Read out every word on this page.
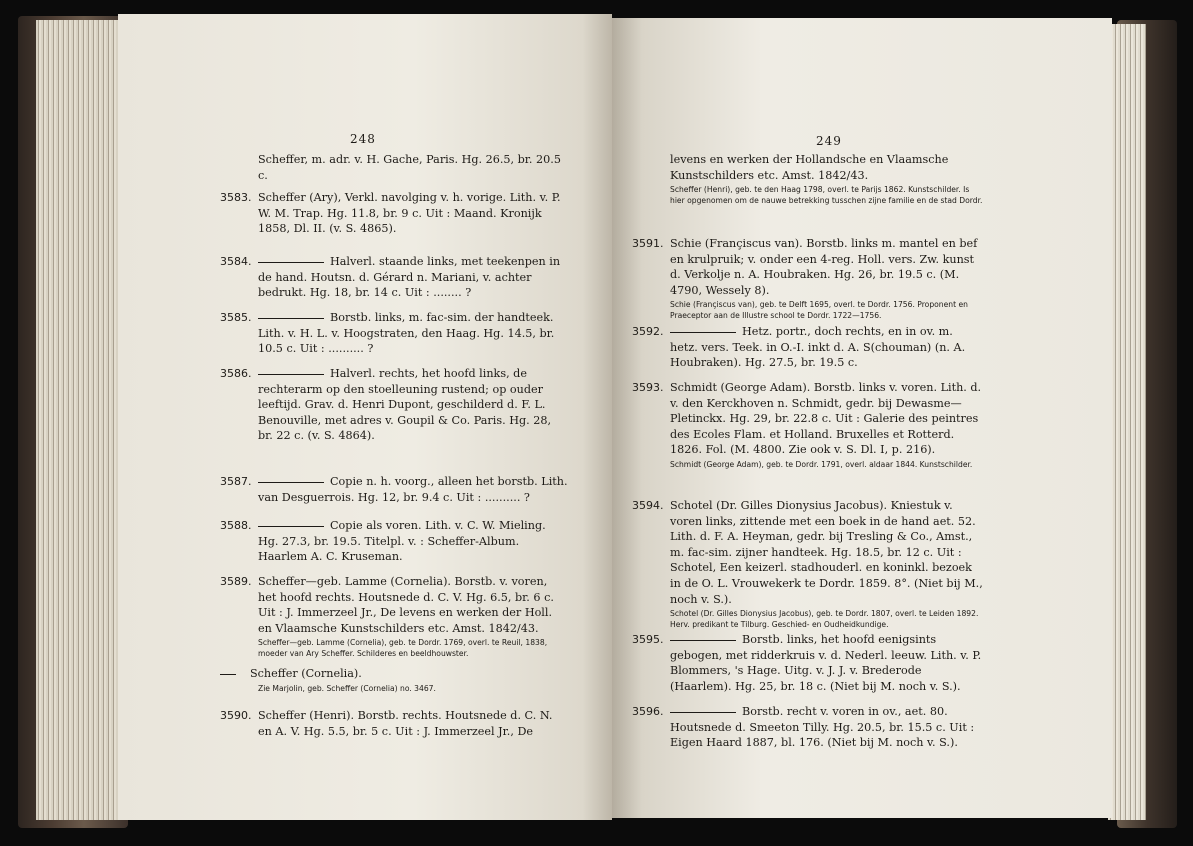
248
Scheffer, m. adr. v. H. Gache, Paris. Hg. 26.5, br. 20.5 c.
3583. Scheffer (Ary), Verkl. navolging v. h. vorige. Lith. v. P. W. M. Trap. Hg. 11.8, br. 9 c. Uit : Maand. Kronijk 1858, Dl. II. (v. S. 4865).
3584.	Halverl. staande links, met teekenpen in de hand. Houtsn. d. Gérard n. Mariani, v. achter bedrukt. Hg. 18, br. 14 c. Uit : ........ ?
3585.	Borstb. links, m. fac-sim. der handteek. Lith. v. H. L. v. Hoogstraten, den Haag. Hg. 14.5, br. 10.5 c. Uit : .......... ?
3586.	Halverl. rechts, het hoofd links, de rechterarm op den stoelleuning rustend; op ouder leeftijd. Grav. d. Henri Dupont, geschilderd d. F. L. Benouville, met adres v. Goupil & Co. Paris. Hg. 28, br. 22 c. (v. S. 4864).
3587.	Copie n. h. voorg., alleen het borstb. Lith. van Desguerrois. Hg. 12, br. 9.4 c. Uit : .......... ?
3588.	Copie als voren. Lith. v. C. W. Mieling. Hg. 27.3, br. 19.5. Titelpl. v. : Scheffer-Album. Haarlem A. C. Kruseman.
3589. Scheffer—geb. Lamme (Cornelia). Borstb. v. voren, het hoofd rechts. Houtsnede d. C. V. Hg. 6.5, br. 6 c. Uit : J. Immerzeel Jr., De levens en werken der Holl. en Vlaamsche Kunstschilders etc. Amst. 1842/43.
Scheffer—geb. Lamme (Cornelia), geb. te Dordr. 1769, overl. te Reuil, 1838, moeder van Ary Scheffer. Schilderes en beeldhouwster.
Scheffer (Cornelia).
Zie Marjolin, geb. Scheffer (Cornelia) no. 3467.
3590. Scheffer (Henri). Borstb. rechts. Houtsnede d. C. N. en A. V. Hg. 5.5, br. 5 c. Uit : J. Immerzeel Jr., De
249
levens en werken der Hollandsche en Vlaamsche Kunstschilders etc. Amst. 1842/43.
Scheffer (Henri), geb. te den Haag 1798, overl. te Parijs 1862. Kunstschilder. Is hier opgenomen om de nauwe betrekking tusschen zijne familie en de stad Dordr.
3591. Schie (Françiscus van). Borstb. links m. mantel en bef en krulpruik; v. onder een 4-reg. Holl. vers. Zw. kunst d. Verkolje n. A. Houbraken. Hg. 26, br. 19.5 c. (M. 4790, Wessely 8).
Schie (Françiscus van), geb. te Delft 1695, overl. te Dordr. 1756. Proponent en Praeceptor aan de Illustre school te Dordr. 1722—1756.
3592.	Hetz. portr., doch rechts, en in ov. m. hetz. vers. Teek. in O.-I. inkt d. A. S(chouman) (n. A. Houbraken). Hg. 27.5, br. 19.5 c.
3593. Schmidt (George Adam). Borstb. links v. voren. Lith. d. v. den Kerckhoven n. Schmidt, gedr. bij Dewasme—Pletinckx. Hg. 29, br. 22.8 c. Uit : Galerie des peintres des Ecoles Flam. et Holland. Bruxelles et Rotterd. 1826. Fol. (M. 4800. Zie ook v. S. Dl. I, p. 216).
Schmidt (George Adam), geb. te Dordr. 1791, overl. aldaar 1844. Kunstschilder.
3594. Schotel (Dr. Gilles Dionysius Jacobus). Kniestuk v. voren links, zittende met een boek in de hand aet. 52. Lith. d. F. A. Heyman, gedr. bij Tresling & Co., Amst., m. fac-sim. zijner handteek. Hg. 18.5, br. 12 c. Uit : Schotel, Een keizerl. stadhouderl. en koninkl. bezoek in de O. L. Vrouwekerk te Dordr. 1859. 8°. (Niet bij M., noch v. S.).
Schotel (Dr. Gilles Dionysius Jacobus), geb. te Dordr. 1807, overl. te Leiden 1892. Herv. predikant te Tilburg. Geschied- en Oudheidkundige.
3595.	Borstb. links, het hoofd eenigsints gebogen, met ridderkruis v. d. Nederl. leeuw. Lith. v. P. Blommers, 's Hage. Uitg. v. J. J. v. Brederode (Haarlem). Hg. 25, br. 18 c. (Niet bij M. noch v. S.).
3596.	Borstb. recht v. voren in ov., aet. 80. Houtsnede d. Smeeton Tilly. Hg. 20.5, br. 15.5 c. Uit : Eigen Haard 1887, bl. 176. (Niet bij M. noch v. S.).
